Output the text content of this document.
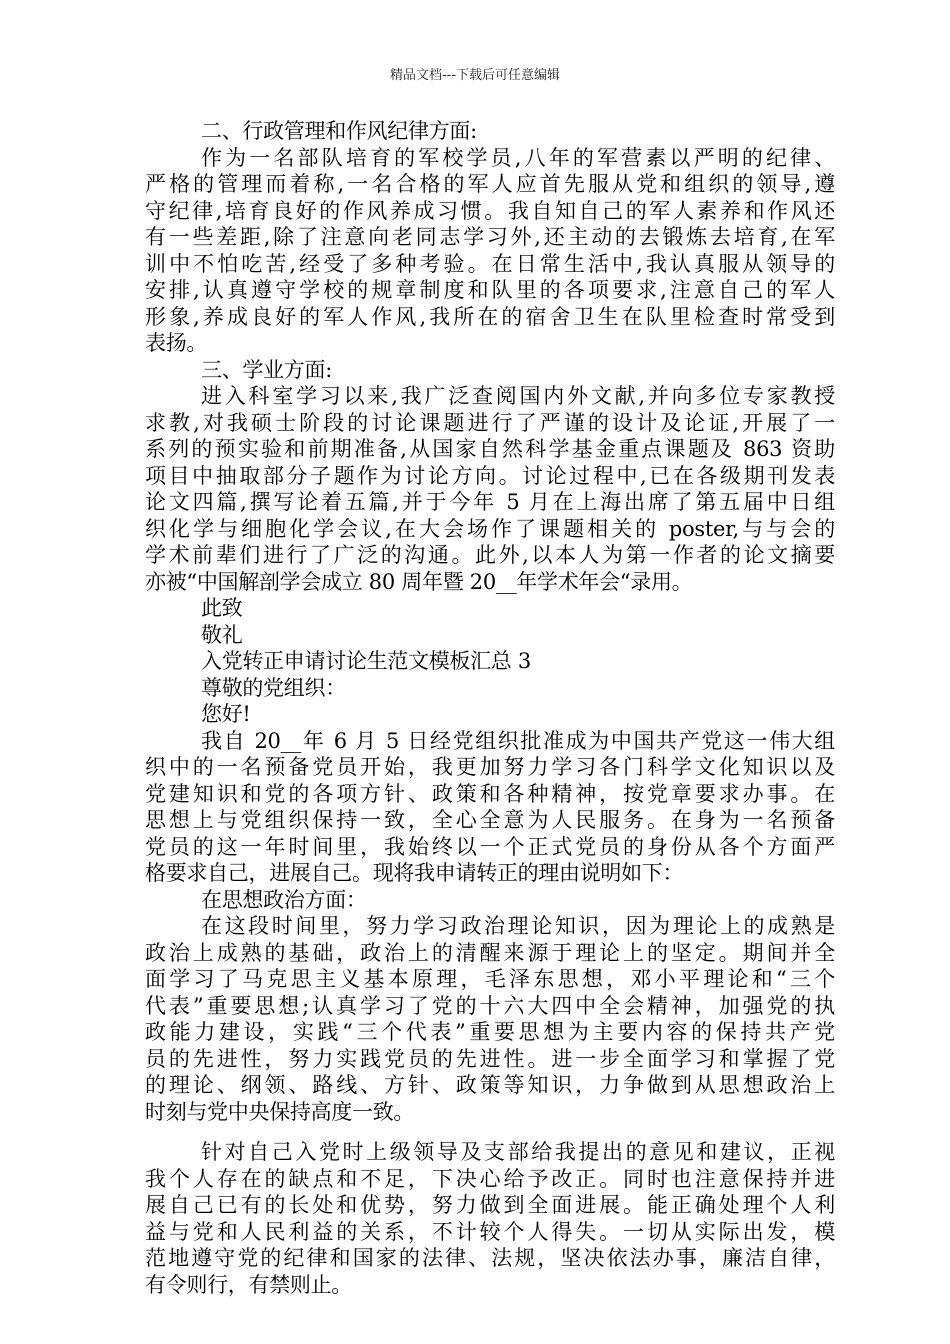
精品文档---下载后可任意编辑
二、行政管理和作风纪律方面:
作为一名部队培育的军校学员,八年的军营素以严明的纪律、
严格的管理而着称,一名合格的军人应首先服从党和组织的领导,遵
守纪律,培育良好的作风养成习惯。我自知自己的军人素养和作风还
有一些差距,除了注意向老同志学习外,还主动的去锻炼去培育,在军
训中不怕吃苦,经受了多种考验。在日常生活中,我认真服从领导的
安排,认真遵守学校的规章制度和队里的各项要求,注意自己的军人
形象,养成良好的军人作风,我所在的宿舍卫生在队里检查时常受到
表扬。
三、学业方面:
进入科室学习以来,我广泛查阅国内外文献,并向多位专家教授
求教,对我硕士阶段的讨论课题进行了严谨的设计及论证,开展了一
系列的预实验和前期准备,从国家自然科学基金重点课题及 863 资助
项目中抽取部分子题作为讨论方向。讨论过程中,已在各级期刊发表
论文四篇,撰写论着五篇,并于今年 5 月在上海出席了第五届中日组
织化学与细胞化学会议,在大会场作了课题相关的 poster,与与会的
学术前辈们进行了广泛的沟通。此外,以本人为第一作者的论文摘要
亦被“中国解剖学会成立 80 周年暨 20__年学术年会“录用。
此致
敬礼
入党转正申请讨论生范文模板汇总 3
尊敬的党组织：
您好!
我自 20__年 6 月 5 日经党组织批准成为中国共产党这一伟大组
织中的一名预备党员开始，我更加努力学习各门科学文化知识以及
党建知识和党的各项方针、政策和各种精神，按党章要求办事。在
思想上与党组织保持一致，全心全意为人民服务。在身为一名预备
党员的这一年时间里，我始终以一个正式党员的身份从各个方面严
格要求自己，进展自己。现将我申请转正的理由说明如下：
在思想政治方面：
在这段时间里，努力学习政治理论知识，因为理论上的成熟是
政治上成熟的基础，政治上的清醒来源于理论上的坚定。期间并全
面学习了马克思主义基本原理，毛泽东思想，邓小平理论和“三个
代表”重要思想;认真学习了党的十六大四中全会精神，加强党的执
政能力建设，实践“三个代表”重要思想为主要内容的保持共产党
员的先进性，努力实践党员的先进性。进一步全面学习和掌握了党
的理论、纲领、路线、方针、政策等知识，力争做到从思想政治上
时刻与党中央保持高度一致。
针对自己入党时上级领导及支部给我提出的意见和建议，正视
我个人存在的缺点和不足，下决心给予改正。同时也注意保持并进
展自己已有的长处和优势，努力做到全面进展。能正确处理个人利
益与党和人民利益的关系，不计较个人得失。一切从实际出发，模
范地遵守党的纪律和国家的法律、法规，坚决依法办事，廉洁自律，
有令则行，有禁则止。
